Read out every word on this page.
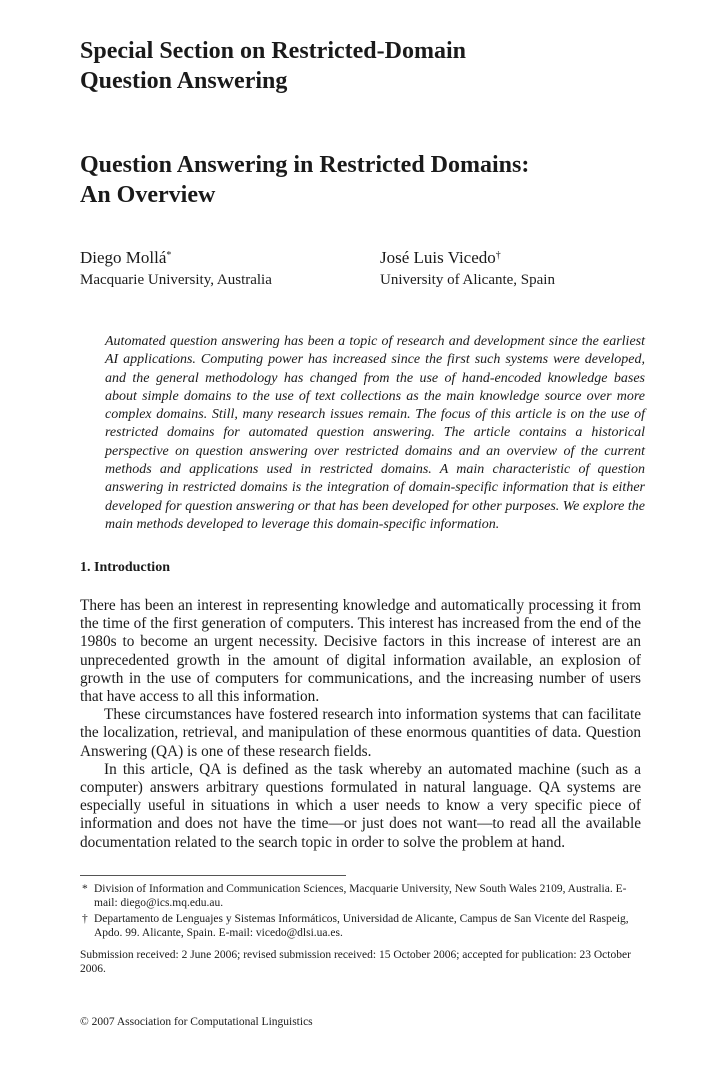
Special Section on Restricted-Domain
Question Answering
Question Answering in Restricted Domains:
An Overview
Diego Mollá*
Macquarie University, Australia
José Luis Vicedo†
University of Alicante, Spain
Automated question answering has been a topic of research and development since the earliest AI applications. Computing power has increased since the first such systems were developed, and the general methodology has changed from the use of hand-encoded knowledge bases about simple domains to the use of text collections as the main knowledge source over more complex domains. Still, many research issues remain. The focus of this article is on the use of restricted domains for automated question answering. The article contains a historical perspective on question answering over restricted domains and an overview of the current methods and applications used in restricted domains. A main characteristic of question answering in restricted domains is the integration of domain-specific information that is either developed for question answering or that has been developed for other purposes. We explore the main methods developed to leverage this domain-specific information.
1. Introduction

There has been an interest in representing knowledge and automatically processing it from the time of the first generation of computers. This interest has increased from the end of the 1980s to become an urgent necessity. Decisive factors in this increase of interest are an unprecedented growth in the amount of digital information available, an explosion of growth in the use of computers for communications, and the increasing number of users that have access to all this information.

These circumstances have fostered research into information systems that can facilitate the localization, retrieval, and manipulation of these enormous quantities of data. Question Answering (QA) is one of these research fields.

In this article, QA is defined as the task whereby an automated machine (such as a computer) answers arbitrary questions formulated in natural language. QA systems are especially useful in situations in which a user needs to know a very specific piece of information and does not have the time—or just does not want—to read all the available documentation related to the search topic in order to solve the problem at hand.

* Division of Information and Communication Sciences, Macquarie University, New South Wales 2109, Australia. E-mail: diego@ics.mq.edu.au.
† Departamento de Lenguajes y Sistemas Informáticos, Universidad de Alicante, Campus de San Vicente del Raspeig, Apdo. 99. Alicante, Spain. E-mail: vicedo@dlsi.ua.es.
Submission received: 2 June 2006; revised submission received: 15 October 2006; accepted for publication: 23 October 2006.
© 2007 Association for Computational Linguistics
